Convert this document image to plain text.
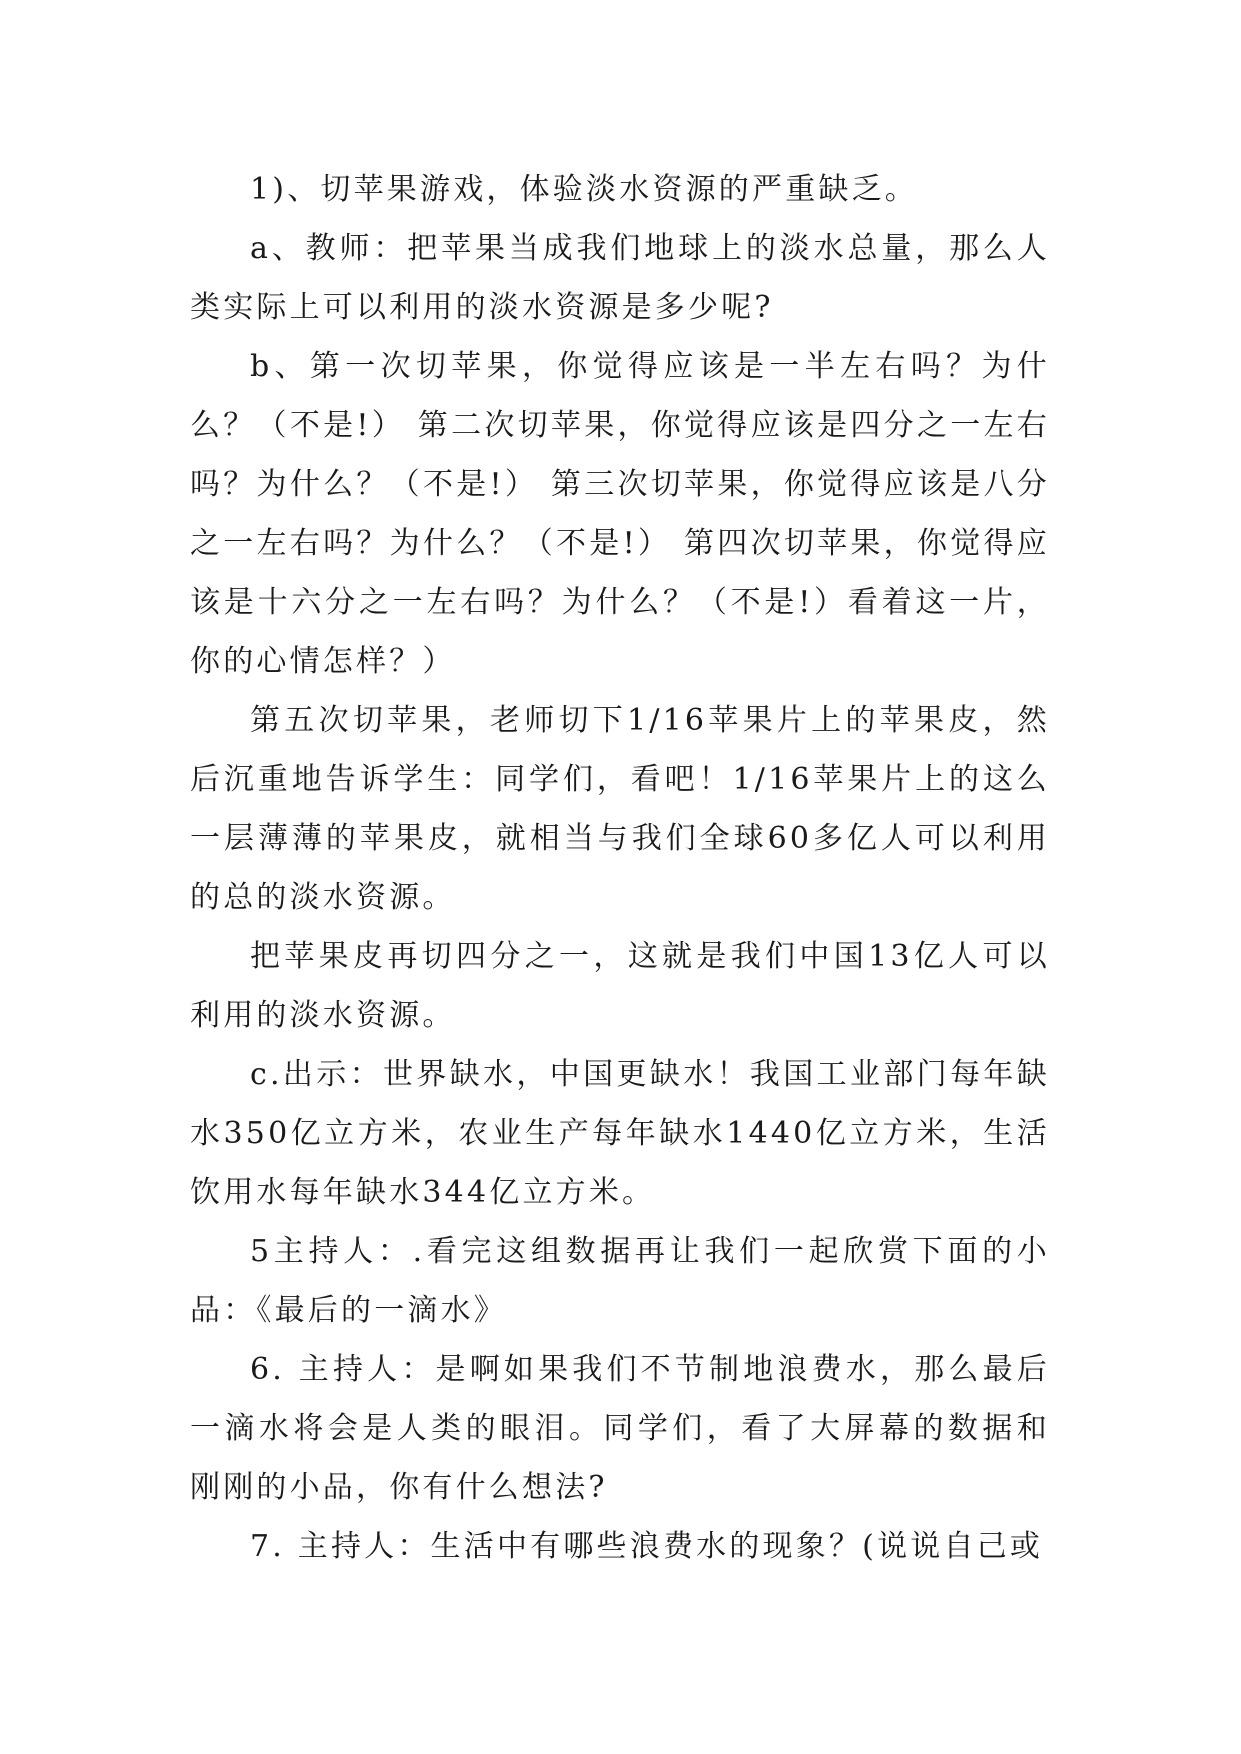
1)、切苹果游戏，体验淡水资源的严重缺乏。

a、教师：把苹果当成我们地球上的淡水总量，那么人类实际上可以利用的淡水资源是多少呢?

b、第一次切苹果，你觉得应该是一半左右吗？为什么？（不是!） 第二次切苹果，你觉得应该是四分之一左右吗？为什么？（不是!） 第三次切苹果，你觉得应该是八分之一左右吗？为什么？（不是!） 第四次切苹果，你觉得应该是十六分之一左右吗？为什么？（不是!）看着这一片，你的心情怎样？）

第五次切苹果，老师切下1/16苹果片上的苹果皮，然后沉重地告诉学生：同学们，看吧！1/16苹果片上的这么一层薄薄的苹果皮，就相当与我们全球60多亿人可以利用的总的淡水资源。

把苹果皮再切四分之一，这就是我们中国13亿人可以利用的淡水资源。

c.出示：世界缺水，中国更缺水！我国工业部门每年缺水350亿立方米，农业生产每年缺水1440亿立方米，生活饮用水每年缺水344亿立方米。

5主持人：.看完这组数据再让我们一起欣赏下面的小品：《最后的一滴水》

6. 主持人：是啊如果我们不节制地浪费水，那么最后一滴水将会是人类的眼泪。同学们，看了大屏幕的数据和刚刚的小品，你有什么想法?

7. 主持人：生活中有哪些浪费水的现象？(说说自己或
